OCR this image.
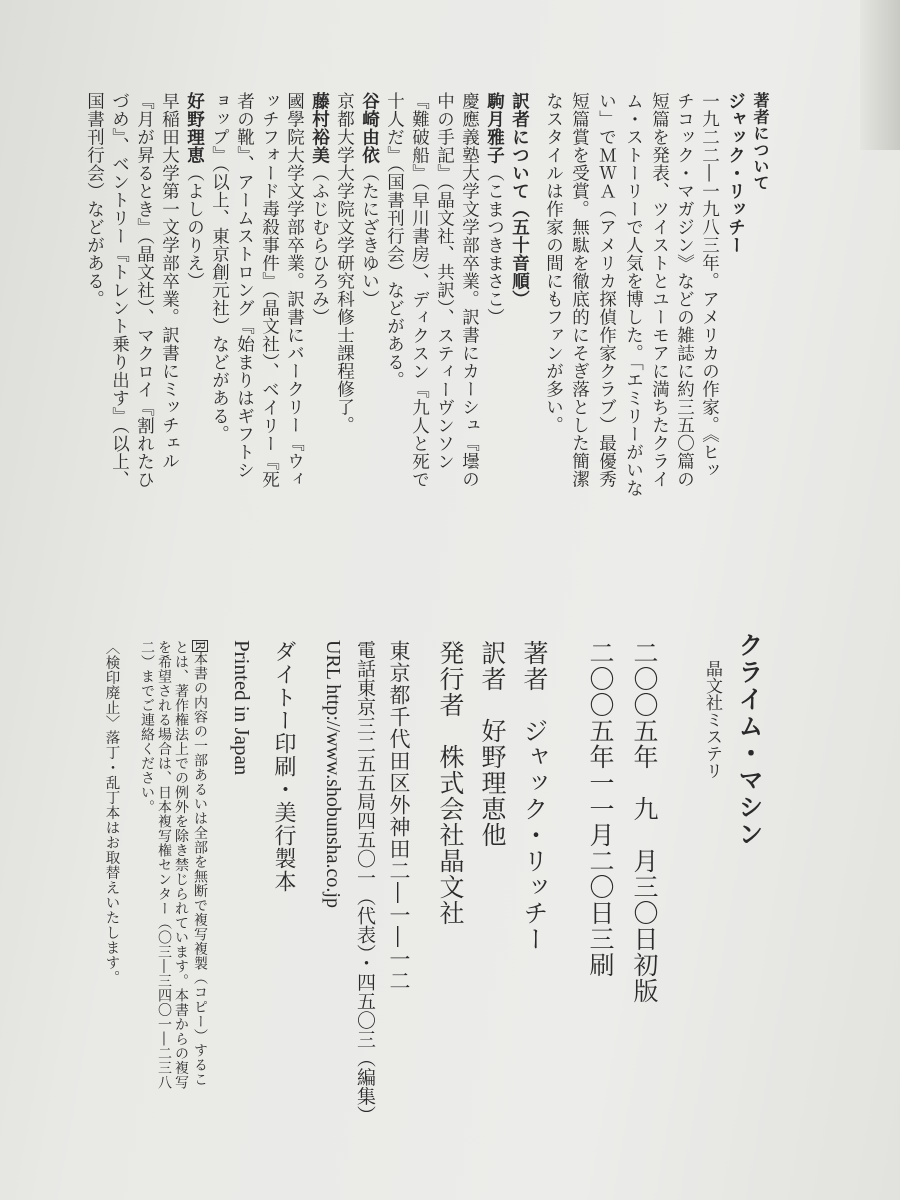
著者について
ジャック・リッチー
一九二二―一九八三年。アメリカの作家。《ヒッ
チコック・マガジン》などの雑誌に約三五〇篇の
短篇を発表、ツイストとユーモアに満ちたクライ
ム・ストーリーで人気を博した。「エミリーがいな
い」でＭＷＡ（アメリカ探偵作家クラブ）最優秀
短篇賞を受賞。無駄を徹底的にそぎ落とした簡潔
なスタイルは作家の間にもファンが多い。
訳者について（五十音順）
駒月雅子（こまつきまさこ）
慶應義塾大学文学部卒業。訳書にカーシュ『壜の
中の手記』（晶文社、共訳）、スティーヴンソン
『難破船』（早川書房）、ディクスン『九人と死で
十人だ』（国書刊行会）などがある。
谷崎由依（たにざきゆい）
京都大学大学院文学研究科修士課程修了。
藤村裕美（ふじむらひろみ）
國學院大学文学部卒業。訳書にバークリー『ウィ
ッチフォード毒殺事件』（晶文社）、ベイリー『死
者の靴』、アームストロング『始まりはギフトシ
ョップ』（以上、東京創元社）などがある。
好野理恵（よしのりえ）
早稲田大学第一文学部卒業。訳書にミッチェル
『月が昇るとき』（晶文社）、マクロイ『割れたひ
づめ』、ベントリー『トレント乗り出す』（以上、
国書刊行会）などがある。
クライム・マシン
晶文社ミステリ
二〇〇五年　九　月三〇日初版
二〇〇五年一一月二〇日三刷
著者　ジャック・リッチー
訳者　好野理恵他
発行者　株式会社晶文社
東京都千代田区外神田二―一―一二
電話東京三二五五局四五〇一（代表）・四五〇三（編集）
URL http://www.shobunsha.co.jp
ダイトー印刷・美行製本
Printed in Japan
R本書の内容の一部あるいは全部を無断で複写複製（コピー）するこ
とは、著作権法上での例外を除き禁じられています。本書からの複写
を希望される場合は、日本複写権センター（〇三―三四〇一―二三八
二）までご連絡ください。
〈検印廃止〉落丁・乱丁本はお取替えいたします。
